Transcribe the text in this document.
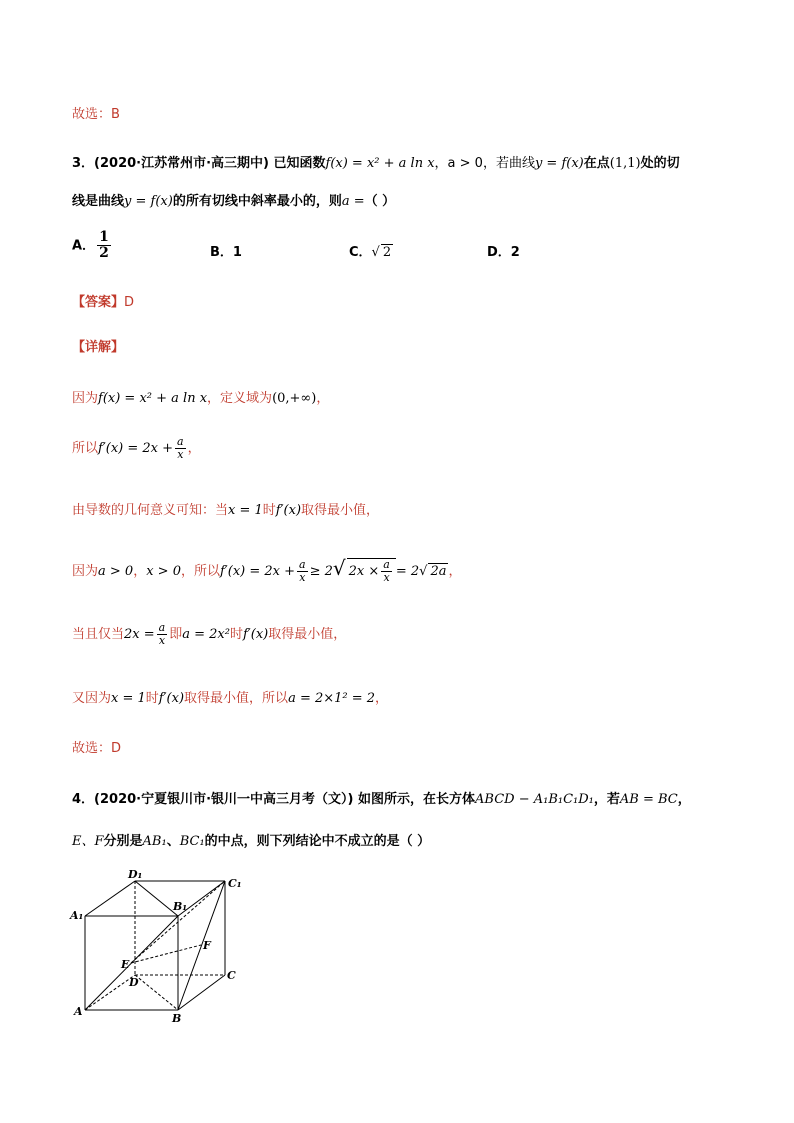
故选：B
3．(2020·江苏常州市·高三期中) 已知函数f(x) = x² + a ln x，a > 0，若曲线y = f(x)在点(1,1)处的切
线是曲线y = f(x)的所有切线中斜率最小的，则a =（ ）
A． $\frac{1}{2}$	B．1	C．√ 2	D．2
【答案】D
【详解】
因为f(x) = x² + a ln x，定义域为(0,+∞)，
所以$f'(x) = 2x + \frac{a}{x}$ ，
由导数的几何意义可知：当x = 1时f′(x)取得最小值，
因为a > 0，x > 0，所以$f'(x) = 2x + \frac{a}{x} \ge 2√$ $2x \times \frac{a}{x} = 2√$ 2a ，
当且仅当$2x = \frac{a}{x}$ 即a = 2x²时f′(x)取得最小值，
又因为x = 1时f′(x)取得最小值，所以a = 2×1² = 2，
故选：D
4．(2020·宁夏银川市·银川一中高三月考（文）) 如图所示，在长方体ABCD − A₁B₁C₁D₁，若AB = BC，
E、F分别是AB₁、BC₁的中点，则下列结论中不成立的是（ ）
D₁
C₁
A₁
B₁
F
E
D
C
A
B
